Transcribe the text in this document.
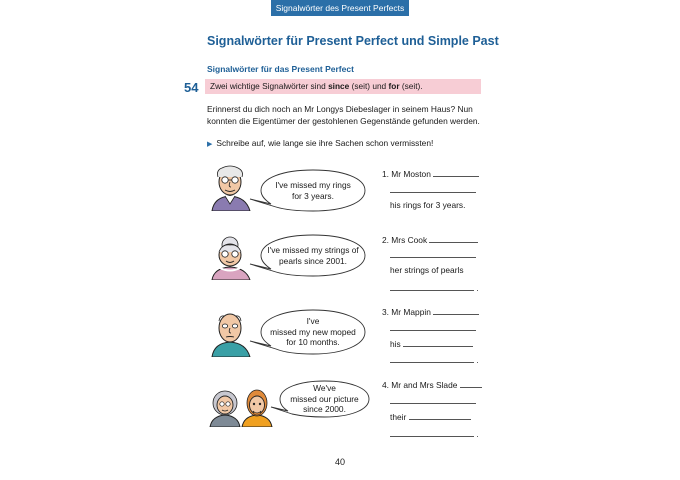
Signalwörter des Present Perfects
Signalwörter für Present Perfect und Simple Past
Signalwörter für das Present Perfect
54	Zwei wichtige Signalwörter sind since (seit) und for (seit).
Erinnerst du dich noch an Mr Longys Diebeslager in seinem Haus? Nun konnten die Eigentümer der gestohlenen Gegenstände gefunden werden.
▶ Schreibe auf, wie lange sie ihre Sachen schon vermissten!
I've missed my rings
for 3 years.
I've missed my strings of
pearls since 2001.
I've
missed my new moped
for 10 months.
We've
missed our picture
since 2000.
1. Mr Moston
his rings for 3 years.
2. Mrs Cook
her strings of pearls
.
3. Mr Mappin
his
.
4. Mr and Mrs Slade
their
.
40
